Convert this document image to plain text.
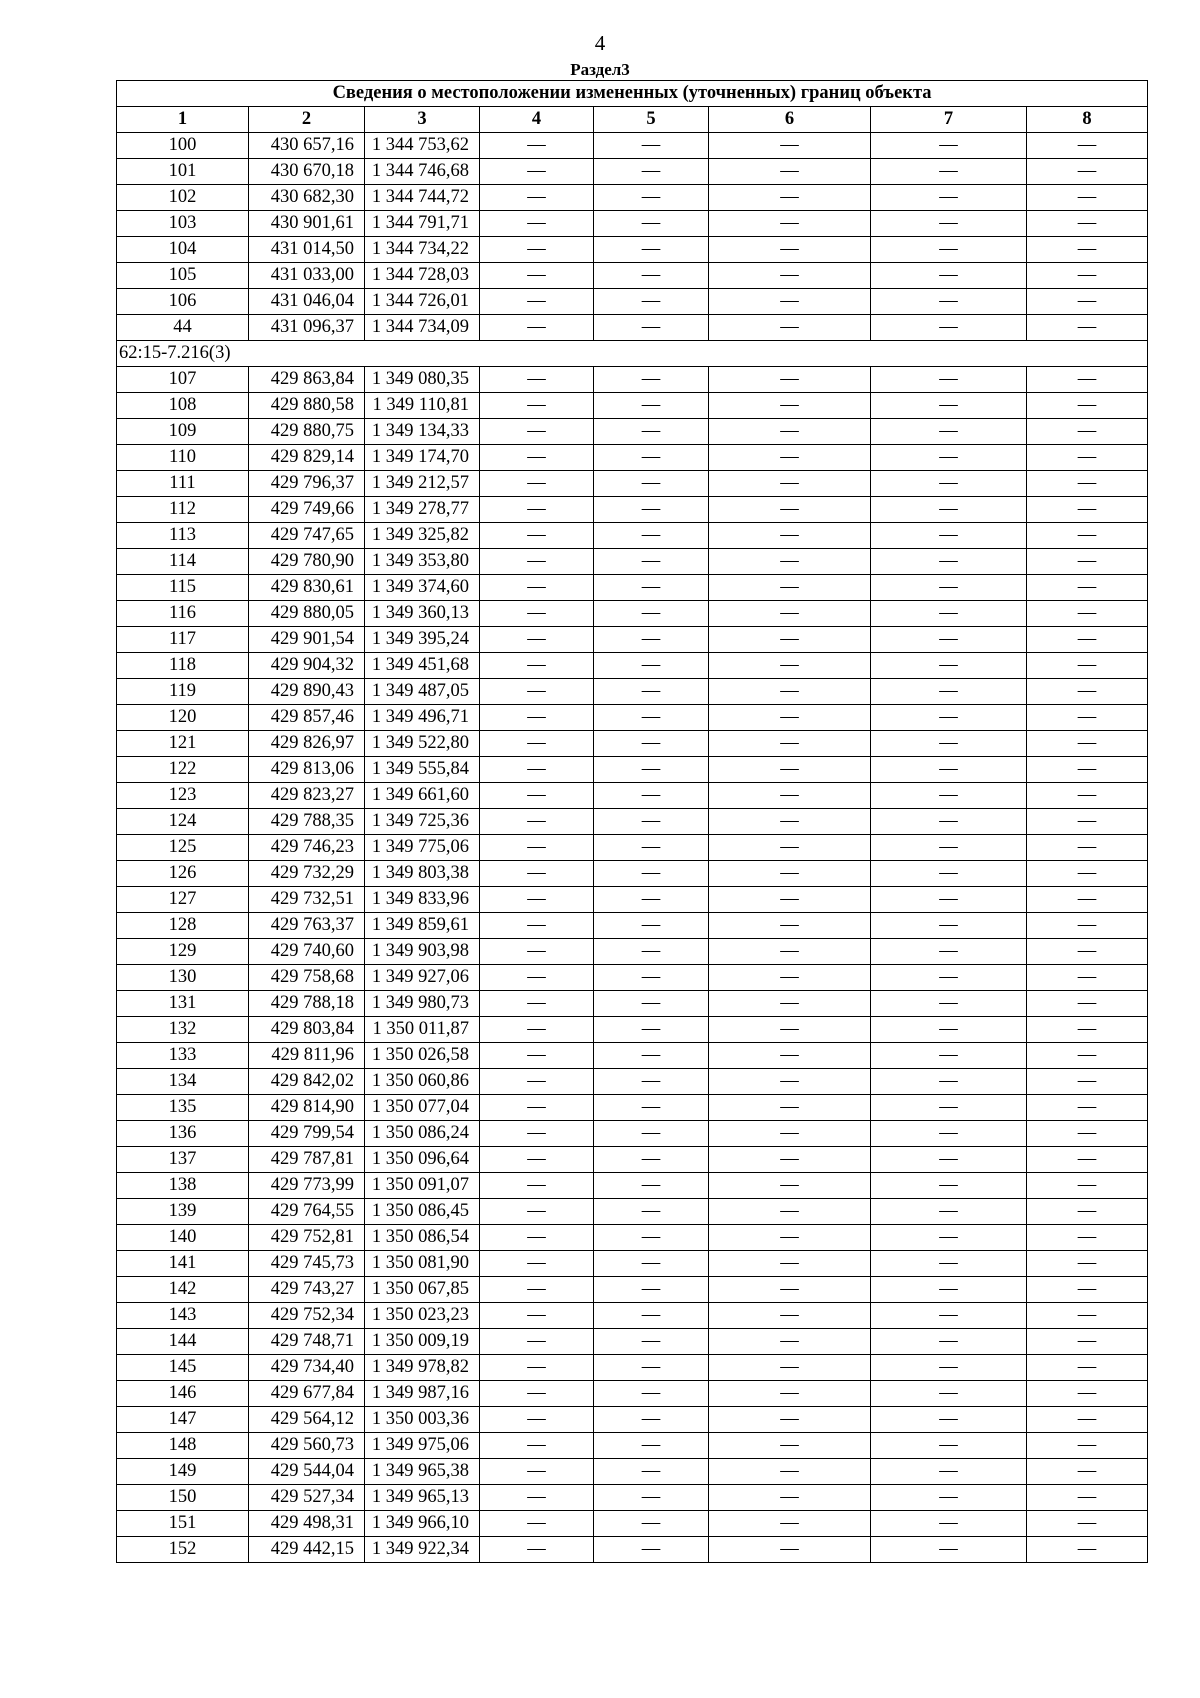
4
Раздел3
Сведения о местоположении измененных (уточненных) границ объекта							
1	2	3	4	5	6	7	8
100	430 657,16	1 344 753,62	—	—	—	—	—
101	430 670,18	1 344 746,68	—	—	—	—	—
102	430 682,30	1 344 744,72	—	—	—	—	—
103	430 901,61	1 344 791,71	—	—	—	—	—
104	431 014,50	1 344 734,22	—	—	—	—	—
105	431 033,00	1 344 728,03	—	—	—	—	—
106	431 046,04	1 344 726,01	—	—	—	—	—
44	431 096,37	1 344 734,09	—	—	—	—	—
62:15-7.216(3)							
107	429 863,84	1 349 080,35	—	—	—	—	—
108	429 880,58	1 349 110,81	—	—	—	—	—
109	429 880,75	1 349 134,33	—	—	—	—	—
110	429 829,14	1 349 174,70	—	—	—	—	—
111	429 796,37	1 349 212,57	—	—	—	—	—
112	429 749,66	1 349 278,77	—	—	—	—	—
113	429 747,65	1 349 325,82	—	—	—	—	—
114	429 780,90	1 349 353,80	—	—	—	—	—
115	429 830,61	1 349 374,60	—	—	—	—	—
116	429 880,05	1 349 360,13	—	—	—	—	—
117	429 901,54	1 349 395,24	—	—	—	—	—
118	429 904,32	1 349 451,68	—	—	—	—	—
119	429 890,43	1 349 487,05	—	—	—	—	—
120	429 857,46	1 349 496,71	—	—	—	—	—
121	429 826,97	1 349 522,80	—	—	—	—	—
122	429 813,06	1 349 555,84	—	—	—	—	—
123	429 823,27	1 349 661,60	—	—	—	—	—
124	429 788,35	1 349 725,36	—	—	—	—	—
125	429 746,23	1 349 775,06	—	—	—	—	—
126	429 732,29	1 349 803,38	—	—	—	—	—
127	429 732,51	1 349 833,96	—	—	—	—	—
128	429 763,37	1 349 859,61	—	—	—	—	—
129	429 740,60	1 349 903,98	—	—	—	—	—
130	429 758,68	1 349 927,06	—	—	—	—	—
131	429 788,18	1 349 980,73	—	—	—	—	—
132	429 803,84	1 350 011,87	—	—	—	—	—
133	429 811,96	1 350 026,58	—	—	—	—	—
134	429 842,02	1 350 060,86	—	—	—	—	—
135	429 814,90	1 350 077,04	—	—	—	—	—
136	429 799,54	1 350 086,24	—	—	—	—	—
137	429 787,81	1 350 096,64	—	—	—	—	—
138	429 773,99	1 350 091,07	—	—	—	—	—
139	429 764,55	1 350 086,45	—	—	—	—	—
140	429 752,81	1 350 086,54	—	—	—	—	—
141	429 745,73	1 350 081,90	—	—	—	—	—
142	429 743,27	1 350 067,85	—	—	—	—	—
143	429 752,34	1 350 023,23	—	—	—	—	—
144	429 748,71	1 350 009,19	—	—	—	—	—
145	429 734,40	1 349 978,82	—	—	—	—	—
146	429 677,84	1 349 987,16	—	—	—	—	—
147	429 564,12	1 350 003,36	—	—	—	—	—
148	429 560,73	1 349 975,06	—	—	—	—	—
149	429 544,04	1 349 965,38	—	—	—	—	—
150	429 527,34	1 349 965,13	—	—	—	—	—
151	429 498,31	1 349 966,10	—	—	—	—	—
152	429 442,15	1 349 922,34	—	—	—	—	—
